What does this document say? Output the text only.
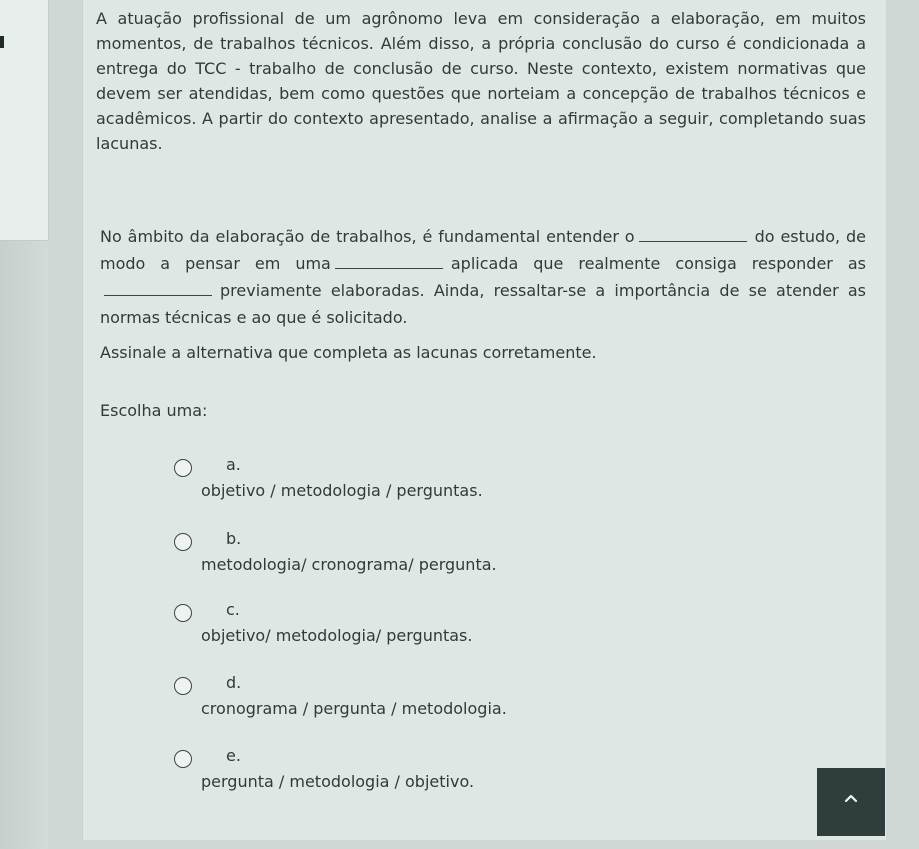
A atuação profissional de um agrônomo leva em consideração a elaboração, em muitos momentos, de trabalhos técnicos. Além disso, a própria conclusão do curso é condicionada a entrega do TCC - trabalho de conclusão de curso. Neste contexto, existem normativas que devem ser atendidas, bem como questões que norteiam a concepção de trabalhos técnicos e acadêmicos. A partir do contexto apresentado, analise a afirmação a seguir, completando suas lacunas.
No âmbito da elaboração de trabalhos, é fundamental entender o	do estudo, de modo a pensar em uma	aplicada que realmente consiga responder aspreviamente elaboradas. Ainda, ressaltar-se a importância de se atender as normas técnicas e ao que é solicitado.
Assinale a alternativa que completa as lacunas corretamente.
Escolha uma:
a.
objetivo / metodologia / perguntas.
b.
metodologia/ cronograma/ pergunta.
c.
objetivo/ metodologia/ perguntas.
d.
cronograma / pergunta / metodologia.
e.
pergunta / metodologia / objetivo.
